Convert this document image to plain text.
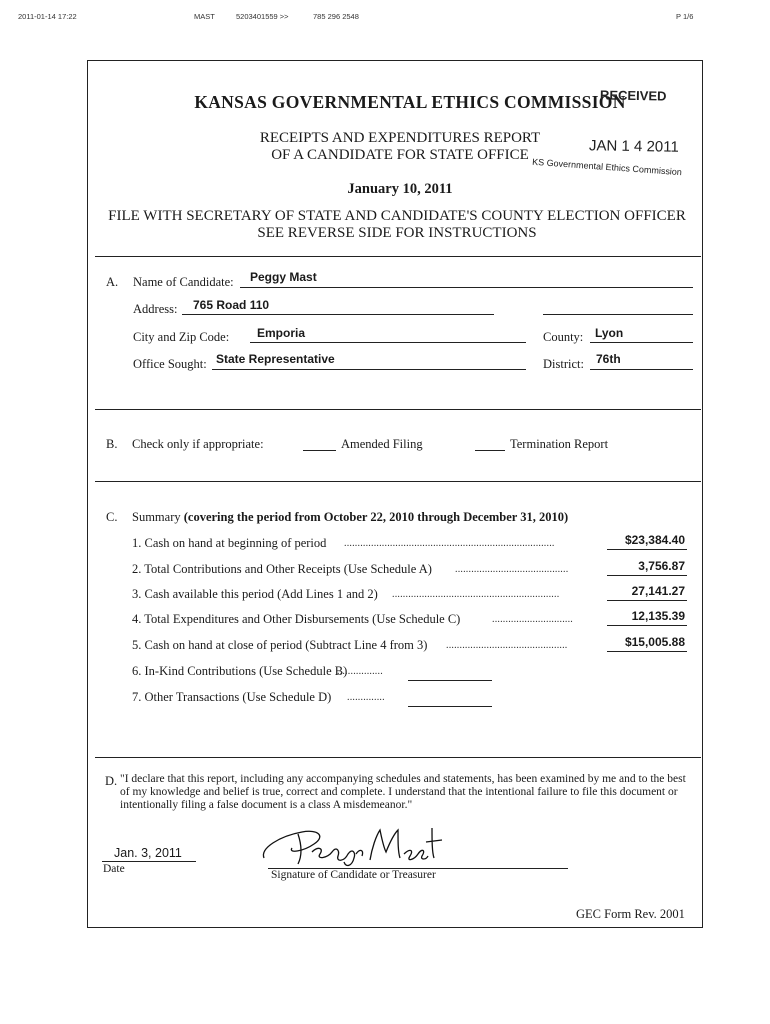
2011-01-14 17:22	MAST	5203401559 >>	785 296 2548	P 1/6
KANSAS GOVERNMENTAL ETHICS COMMISSION
RECEIVED
RECEIPTS AND EXPENDITURES REPORT
OF A CANDIDATE FOR STATE OFFICE	JAN 1 4 2011
KS Governmental Ethics Commission
January 10, 2011
FILE WITH SECRETARY OF STATE AND CANDIDATE'S COUNTY ELECTION OFFICER
SEE REVERSE SIDE FOR INSTRUCTIONS
A. Name of Candidate: Peggy Mast
Address: 765 Road 110
City and Zip Code: Emporia	County: Lyon
Office Sought: State Representative	District: 76th
B. Check only if appropriate:	Amended Filing	Termination Report
C. Summary (covering the period from October 22, 2010 through December 31, 2010)
1. Cash on hand at beginning of period ..............................................................................	$23,384.40
2. Total Contributions and Other Receipts (Use Schedule A) ..........................................	3,756.87
3. Cash available this period (Add Lines 1 and 2) ..............................................................	27,141.27
4. Total Expenditures and Other Disbursements (Use Schedule C)	..............................	12,135.39
5. Cash on hand at close of period (Subtract Line 4 from 3) .............................................	$15,005.88
6. In-Kind Contributions (Use Schedule B)
.................
7. Other Transactions (Use Schedule D) ..............
D. "I declare that this report, including any accompanying schedules and statements, has been examined by me and to the best of my knowledge and belief is true, correct and complete. I understand that the intentional failure to file this document or intentionally filing a false document is a class A misdemeanor."
Jan. 3, 2011
Date	Signature of Candidate or Treasurer
GEC Form Rev. 2001
